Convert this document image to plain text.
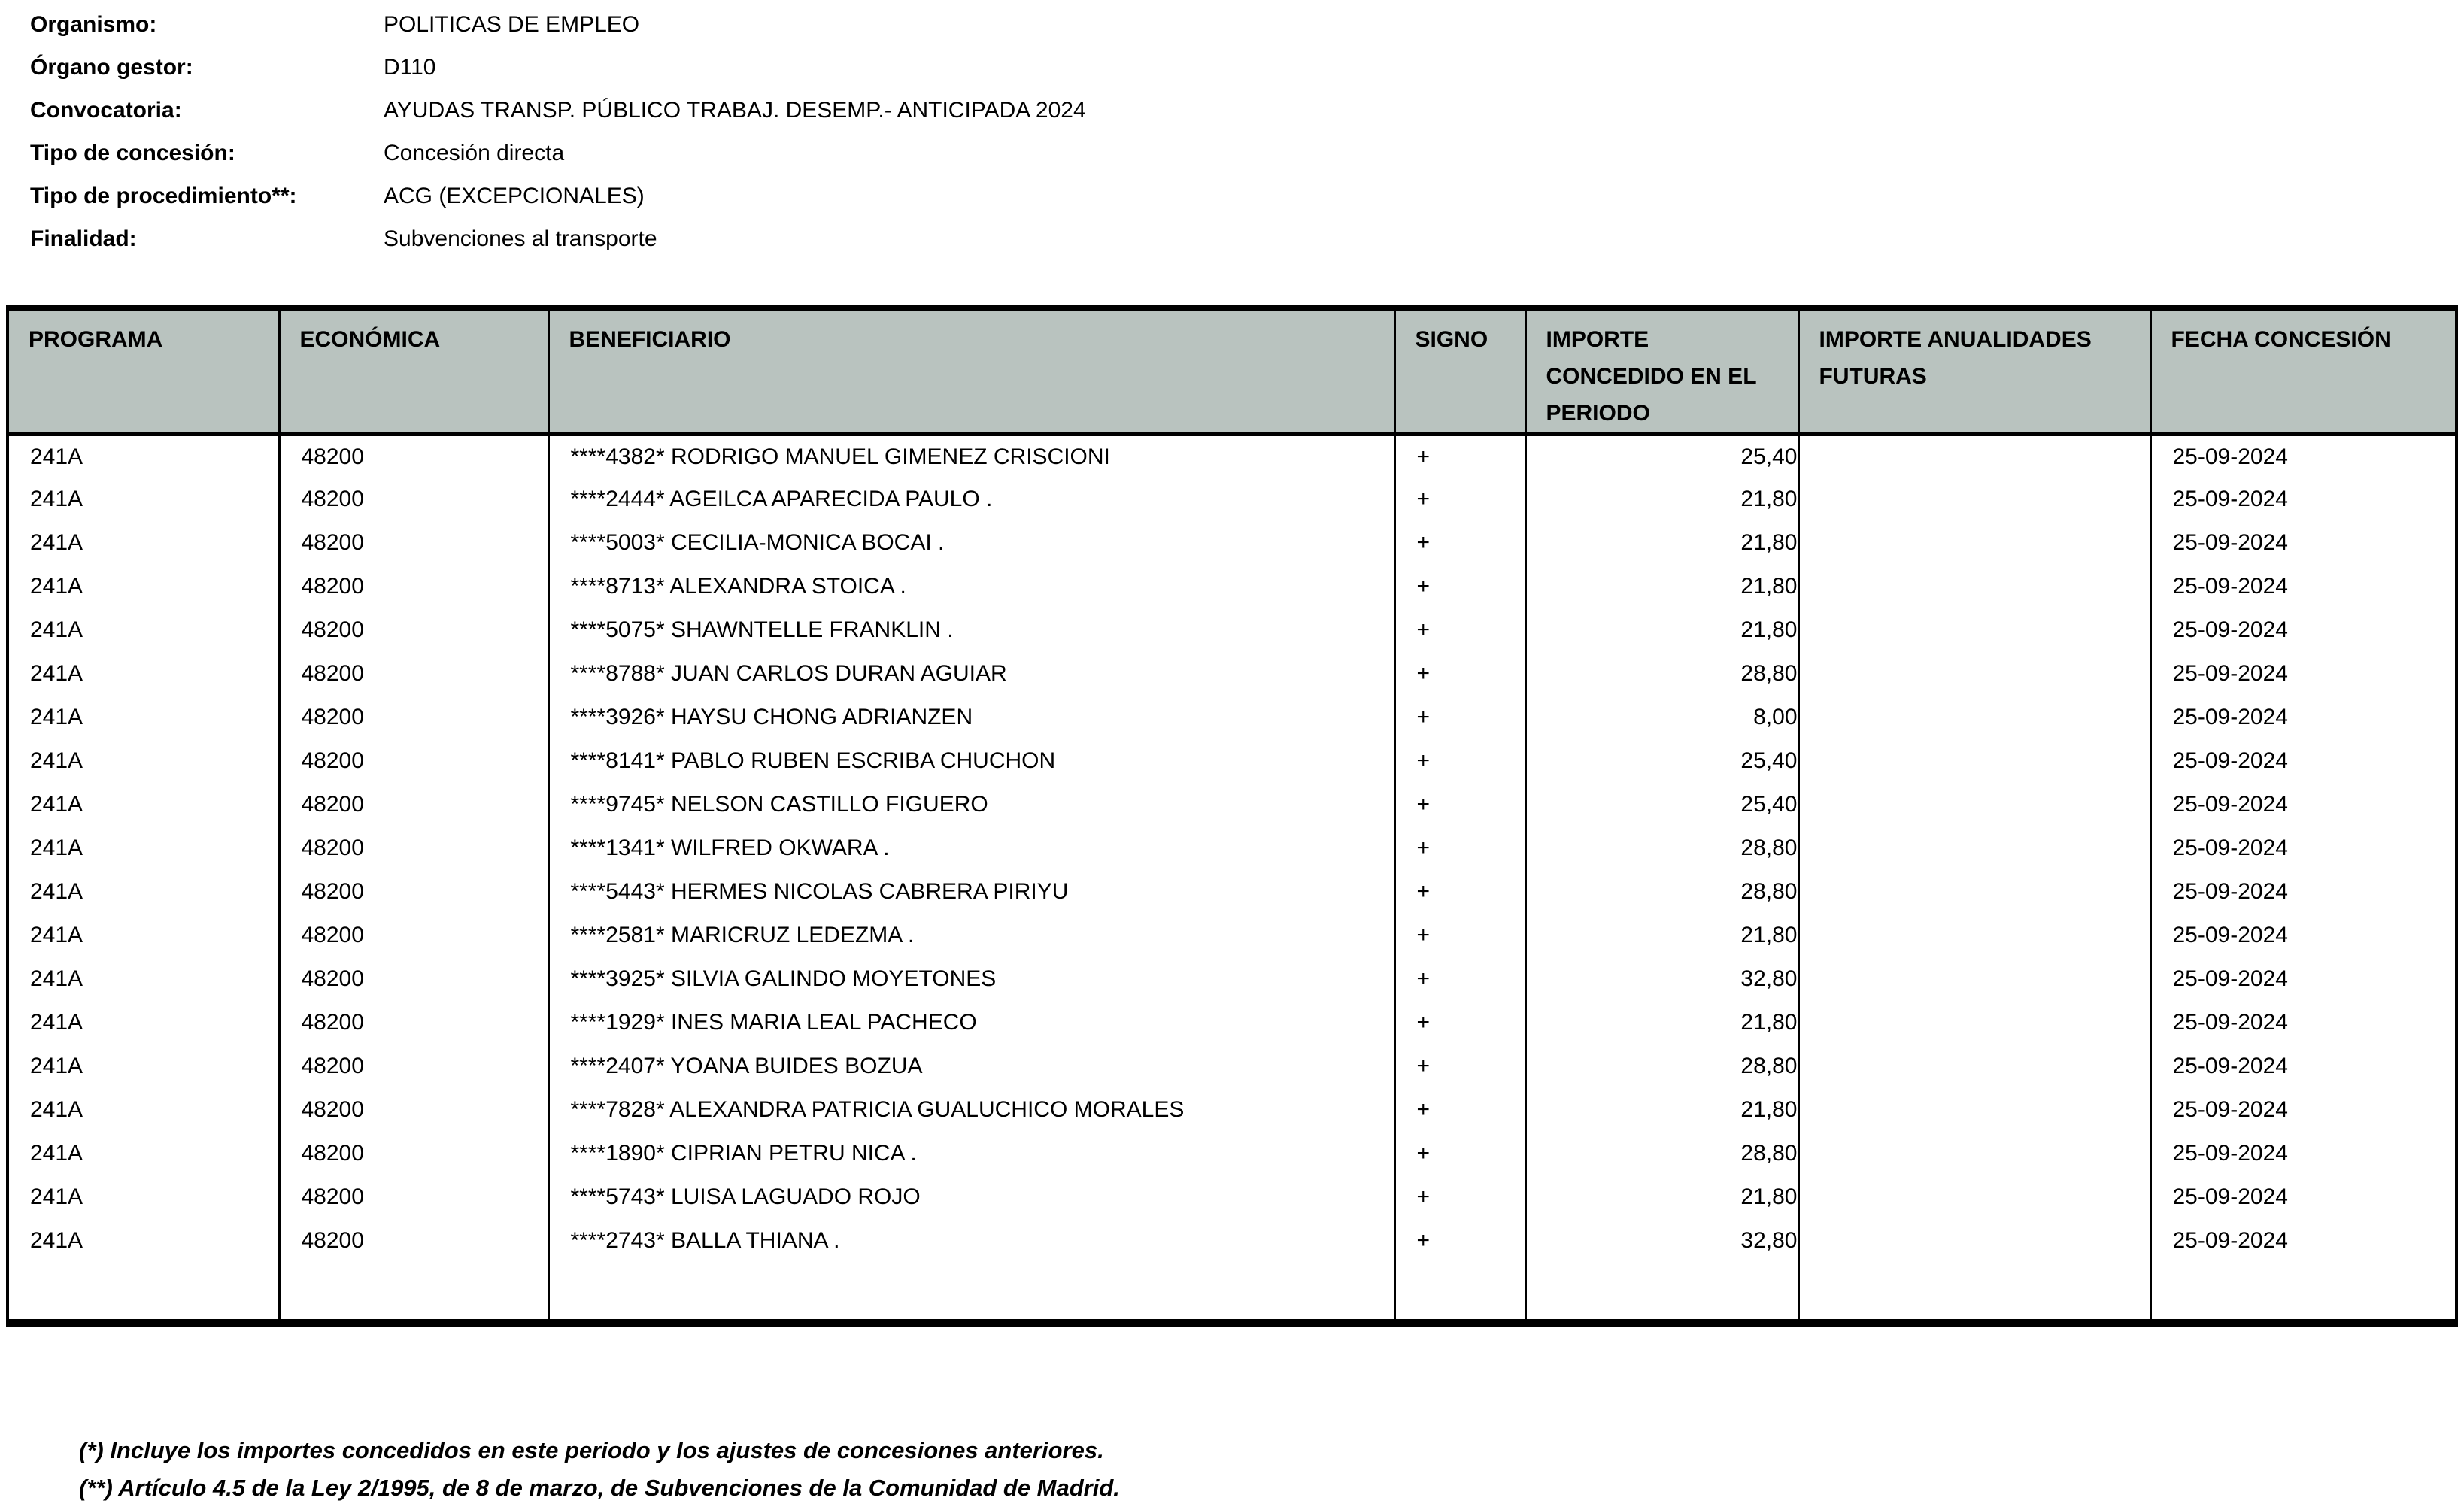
Organismo:	POLITICAS DE EMPLEO
Órgano gestor:	D110
Convocatoria:	AYUDAS TRANSP. PÚBLICO TRABAJ. DESEMP.- ANTICIPADA 2024
Tipo de concesión:	Concesión directa
Tipo de procedimiento**:	ACG (EXCEPCIONALES)
Finalidad:	Subvenciones al transporte
PROGRAMA	ECONÓMICA	BENEFICIARIO	SIGNO	IMPORTE CONCEDIDO EN EL PERIODO	IMPORTE ANUALIDADES FUTURAS	FECHA CONCESIÓN
241A	48200	****4382* RODRIGO MANUEL GIMENEZ CRISCIONI	+	25,40		25-09-2024
241A	48200	****2444* AGEILCA APARECIDA PAULO .	+	21,80		25-09-2024
241A	48200	****5003* CECILIA-MONICA BOCAI .	+	21,80		25-09-2024
241A	48200	****8713* ALEXANDRA STOICA .	+	21,80		25-09-2024
241A	48200	****5075* SHAWNTELLE FRANKLIN .	+	21,80		25-09-2024
241A	48200	****8788* JUAN CARLOS DURAN AGUIAR	+	28,80		25-09-2024
241A	48200	****3926* HAYSU CHONG ADRIANZEN	+	8,00		25-09-2024
241A	48200	****8141* PABLO RUBEN ESCRIBA CHUCHON	+	25,40		25-09-2024
241A	48200	****9745* NELSON CASTILLO FIGUERO	+	25,40		25-09-2024
241A	48200	****1341* WILFRED OKWARA .	+	28,80		25-09-2024
241A	48200	****5443* HERMES NICOLAS CABRERA PIRIYU	+	28,80		25-09-2024
241A	48200	****2581* MARICRUZ LEDEZMA .	+	21,80		25-09-2024
241A	48200	****3925* SILVIA GALINDO MOYETONES	+	32,80		25-09-2024
241A	48200	****1929* INES MARIA LEAL PACHECO	+	21,80		25-09-2024
241A	48200	****2407* YOANA BUIDES BOZUA	+	28,80		25-09-2024
241A	48200	****7828* ALEXANDRA PATRICIA GUALUCHICO MORALES	+	21,80		25-09-2024
241A	48200	****1890* CIPRIAN PETRU NICA .	+	28,80		25-09-2024
241A	48200	****5743* LUISA LAGUADO ROJO	+	21,80		25-09-2024
241A	48200	****2743* BALLA THIANA .	+	32,80		25-09-2024

(*) Incluye los importes concedidos en este periodo y los ajustes de concesiones anteriores.
(**) Artículo 4.5 de la Ley 2/1995, de 8 de marzo, de Subvenciones de la Comunidad de Madrid.
